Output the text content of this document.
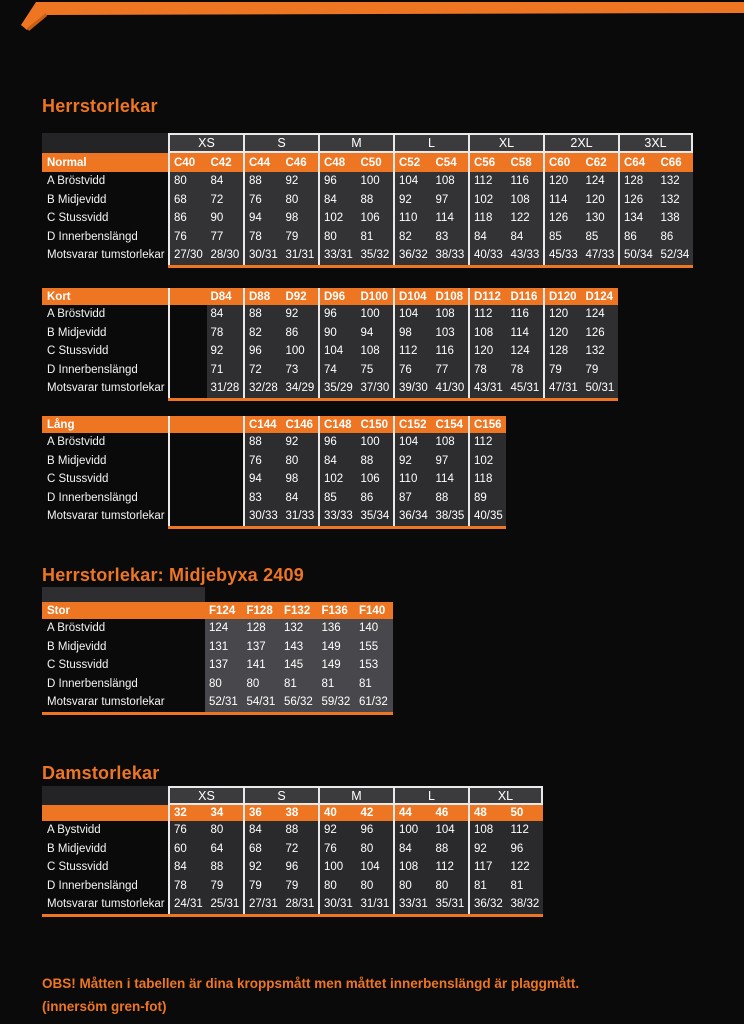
Herrstorlekar
XS	S	M	L	XL	2XL	3XL
Normal	C40	C42	C44	C46	C48	C50	C52	C54	C56	C58	C60	C62	C64	C66
A Bröstvidd	80	84	88	92	96	100	104	108	112	116	120	124	128	132
B Midjevidd	68	72	76	80	84	88	92	97	102	108	114	120	126	132
C Stussvidd	86	90	94	98	102	106	110	114	118	122	126	130	134	138
D Innerbenslängd	76	77	78	79	80	81	82	83	84	84	85	85	86	86
Motsvarar tumstorlekar 27/30 28/30 30/31 31/31 33/31 35/32 36/32 38/33 40/33 43/33 45/33 47/33 50/34 52/34
Kort	D84	D88	D92	D96	D100 D104 D108 D112 D116	D120 D124
A Bröstvidd	84	88	92	96	100	104	108	112	116	120	124
B Midjevidd	78	82	86	90	94	98	103	108	114	120	126
C Stussvidd	92	96	100	104	108	112	116	120	124	128	132
D Innerbenslängd	71	72	73	74	75	76	77	78	78	79	79
Motsvarar tumstorlekar	31/28 32/28 34/29 35/29 37/30 39/30 41/30 43/31 45/31 47/31 50/31
Lång	C144 C146 C148 C150 C152 C154 C156
A Bröstvidd	88	92	96	100	104	108	112
B Midjevidd	76	80	84	88	92	97	102
C Stussvidd	94	98	102	106	110	114	118
D Innerbenslängd	83	84	85	86	87	88	89
Motsvarar tumstorlekar	30/33 31/33 33/33 35/34 36/34 38/35 40/35
Herrstorlekar: Midjebyxa 2409
Stor	F124 F128 F132 F136 F140
A Bröstvidd	124	128	132	136	140
B Midjevidd	131	137	143	149	155
C Stussvidd	137	141	145	149	153
D Innerbenslängd	80	80	81	81	81
Motsvarar tumstorlekar	52/31 54/31 56/32 59/32 61/32
Damstorlekar
XS	S	M	L	XL
32	34	36	38	40	42	44	46	48	50
A Bystvidd	76	80	84	88	92	96	100	104	108	112
B Midjevidd	60	64	68	72	76	80	84	88	92	96
C Stussvidd	84	88	92	96	100	104	108	112	117	122
D Innerbenslängd	78	79	79	79	80	80	80	80	81	81
Motsvarar tumstorlekar 24/31 25/31 27/31 28/31 30/31 31/31 33/31 35/31 36/32 38/32
OBS! Måtten i tabellen är dina kroppsmått men måttet innerbenslängd är plaggmått.
(innersöm gren-fot)
